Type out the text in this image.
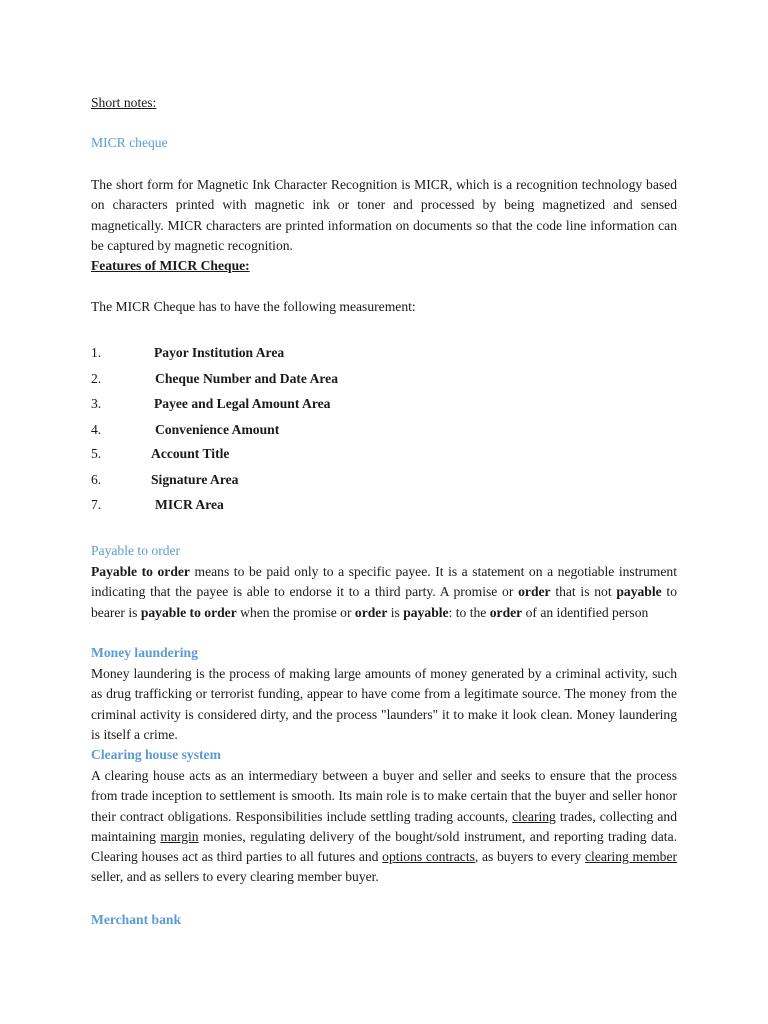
Short notes:

MICR cheque

The short form for Magnetic Ink Character Recognition is MICR, which is a recognition technology based on characters printed with magnetic ink or toner and processed by being magnetized and sensed magnetically. MICR characters are printed information on documents so that the code line information can be captured by magnetic recognition.

Features of MICR Cheque:

The MICR Cheque has to have the following measurement:

1.	Payor Institution Area
2.	Cheque Number and Date Area
3.	Payee and Legal Amount Area
4.	Convenience Amount
5.	Account Title
6.	Signature Area
7.	MICR Area

Payable to order

Payable to order means to be paid only to a specific payee. It is a statement on a negotiable instrument indicating that the payee is able to endorse it to a third party. A promise or order that is not payable to bearer is payable to order when the promise or order is payable: to the order of an identified person

Money laundering

Money laundering is the process of making large amounts of money generated by a criminal activity, such as drug trafficking or terrorist funding, appear to have come from a legitimate source. The money from the criminal activity is considered dirty, and the process "launders" it to make it look clean. Money laundering is itself a crime.

Clearing house system

A clearing house acts as an intermediary between a buyer and seller and seeks to ensure that the process from trade inception to settlement is smooth. Its main role is to make certain that the buyer and seller honor their contract obligations. Responsibilities include settling trading accounts, clearing trades, collecting and maintaining margin monies, regulating delivery of the bought/sold instrument, and reporting trading data. Clearing houses act as third parties to all futures and options contracts, as buyers to every clearing member seller, and as sellers to every clearing member buyer.

Merchant bank
